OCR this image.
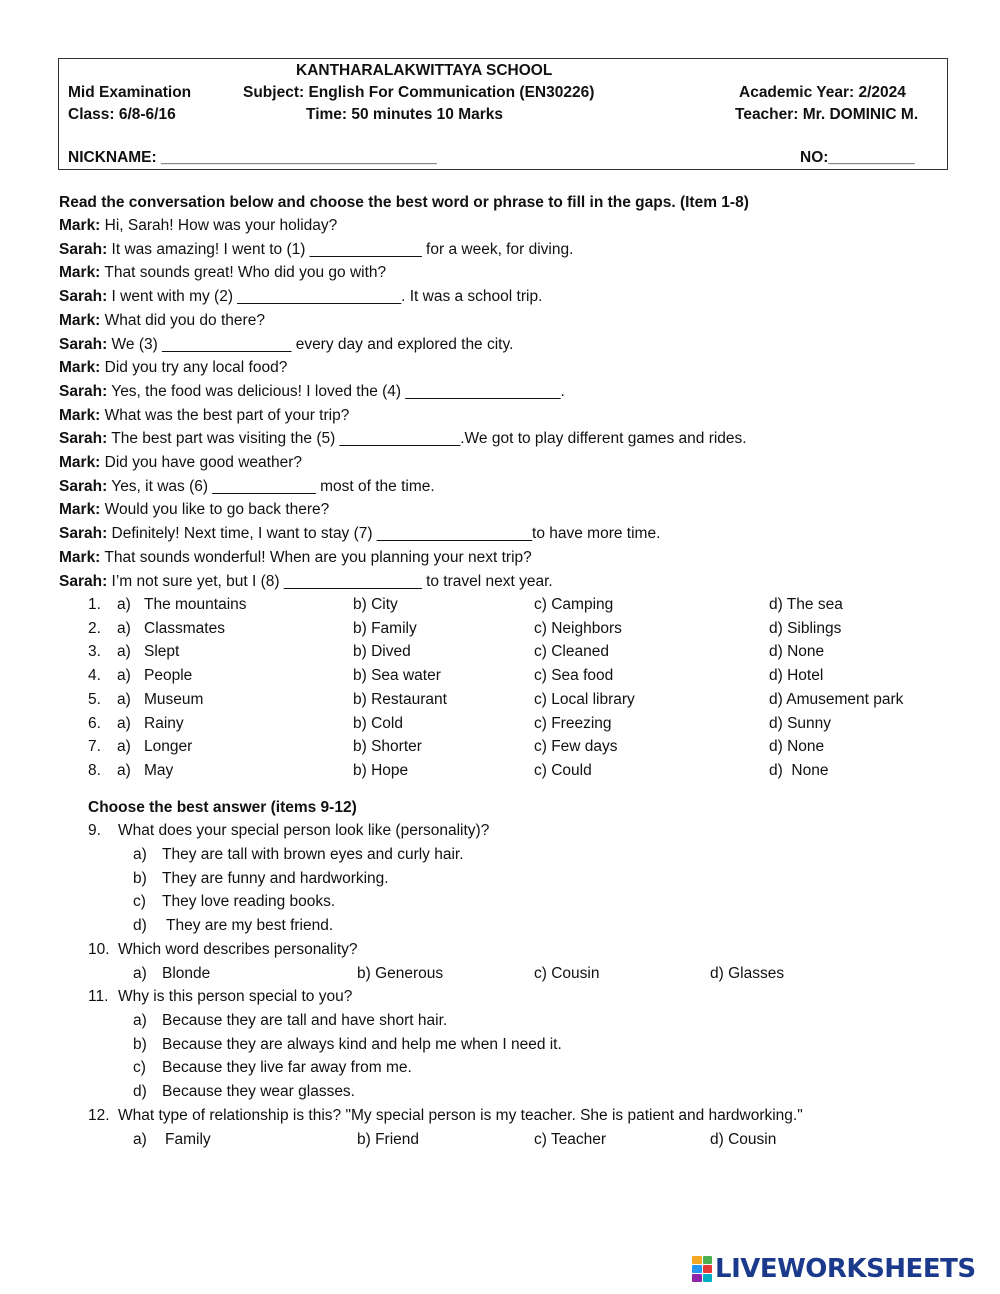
KANTHARALAKWITTAYA SCHOOL
Mid Examination	Subject: English For Communication (EN30226)	Academic Year: 2/2024
Class: 6/8-6/16	Time: 50 minutes 10 Marks	Teacher: Mr. DOMINIC M.
NICKNAME: ________________________________	NO:__________
Read the conversation below and choose the best word or phrase to fill in the gaps. (Item 1-8)
Mark: Hi, Sarah! How was your holiday?
Sarah: It was amazing! I went to (1) _____________ for a week, for diving.
Mark: That sounds great! Who did you go with?
Sarah: I went with my (2) ___________________. It was a school trip.
Mark: What did you do there?
Sarah: We (3) _______________ every day and explored the city.
Mark: Did you try any local food?
Sarah: Yes, the food was delicious! I loved the (4) __________________.
Mark: What was the best part of your trip?
Sarah: The best part was visiting the (5) ______________.We got to play different games and rides.
Mark: Did you have good weather?
Sarah: Yes, it was (6) ____________ most of the time.
Mark: Would you like to go back there?
Sarah: Definitely! Next time, I want to stay (7) __________________to have more time.
Mark: That sounds wonderful! When are you planning your next trip?
Sarah: I’m not sure yet, but I (8) ________________ to travel next year.
1. a) The mountains	b) City	c) Camping	d) The sea
2. a) Classmates	b) Family	c) Neighbors	d) Siblings
3. a) Slept	b) Dived	c) Cleaned	d) None
4. a) People	b) Sea water	c) Sea food	d) Hotel
5. a) Museum	b) Restaurant	c) Local library	d) Amusement park
6. a) Rainy	b) Cold	c) Freezing	d) Sunny
7. a) Longer	b) Shorter	c) Few days	d) None
8. a) May	b) Hope	c) Could	d)  None
Choose the best answer (items 9-12)
9. What does your special person look like (personality)?
a) They are tall with brown eyes and curly hair.
b) They are funny and hardworking.
c) They love reading books.
d) They are my best friend.
10. Which word describes personality?
a) Blonde	b) Generous	c) Cousin	d) Glasses
11. Why is this person special to you?
a) Because they are tall and have short hair.
b) Because they are always kind and help me when I need it.
c) Because they live far away from me.
d) Because they wear glasses.
12. What type of relationship is this? "My special person is my teacher. She is patient and hardworking."
a) Family	b) Friend	c) Teacher	d) Cousin
LIVEWORKSHEETS
